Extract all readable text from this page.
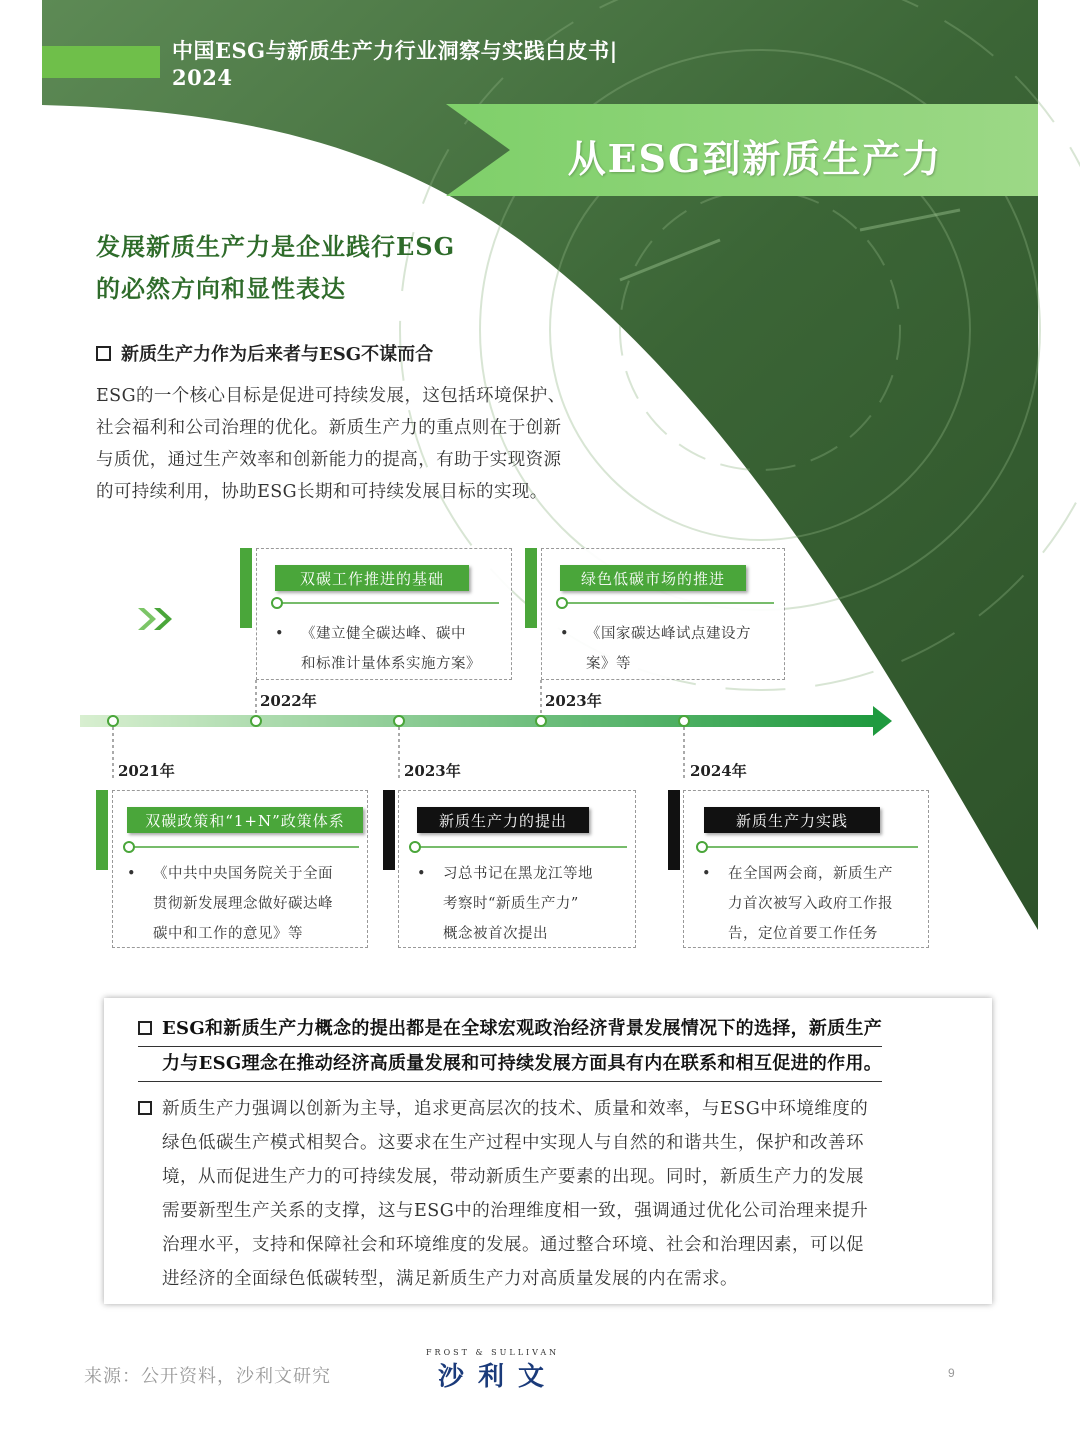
中国ESG与新质生产力行业洞察与实践白皮书| 2024
从ESG到新质生产力
发展新质生产力是企业践行ESG
的必然方向和显性表达
新质生产力作为后来者与ESG不谋而合
ESG的一个核心目标是促进可持续发展，这包括环境保护、
社会福利和公司治理的优化。新质生产力的重点则在于创新
与质优，通过生产效率和创新能力的提高，有助于实现资源
的可持续利用，协助ESG长期和可持续发展目标的实现。
双碳工作推进的基础
• 《建立健全碳达峰、碳中
和标准计量体系实施方案》
2022年
绿色低碳市场的推进
• 《国家碳达峰试点建设方
案》等
2023年
2021年
双碳政策和“1+N”政策体系
• 《中共中央国务院关于全面
贯彻新发展理念做好碳达峰
碳中和工作的意见》等
2023年
新质生产力的提出
• 习总书记在黑龙江等地
考察时“新质生产力”
概念被首次提出
2024年
新质生产力实践
• 在全国两会商，新质生产
力首次被写入政府工作报
告，定位首要工作任务
ESG和新质生产力概念的提出都是在全球宏观政治经济背景发展情况下的选择，新质生产
力与ESG理念在推动经济高质量发展和可持续发展方面具有内在联系和相互促进的作用。
新质生产力强调以创新为主导，追求更高层次的技术、质量和效率，与ESG中环境维度的
绿色低碳生产模式相契合。这要求在生产过程中实现人与自然的和谐共生，保护和改善环
境，从而促进生产力的可持续发展，带动新质生产要素的出现。同时，新质生产力的发展
需要新型生产关系的支撑，这与ESG中的治理维度相一致，强调通过优化公司治理来提升
治理水平，支持和保障社会和环境维度的发展。通过整合环境、社会和治理因素，可以促
进经济的全面绿色低碳转型，满足新质生产力对高质量发展的内在需求。
来源：公开资料，沙利文研究
FROST & SULLIVAN
沙利文	9
